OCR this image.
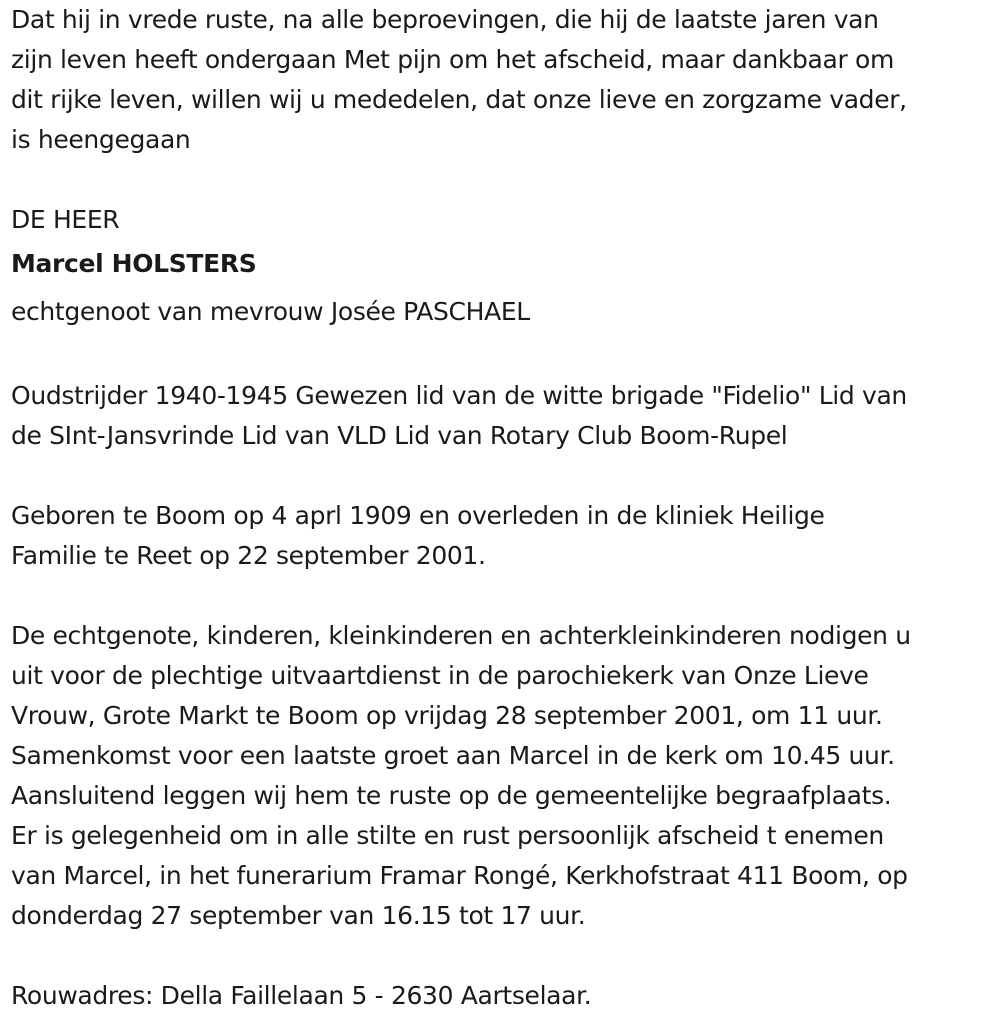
Dat hij in vrede ruste, na alle beproevingen, die hij de laatste jaren van
zijn leven heeft ondergaan Met pijn om het afscheid, maar dankbaar om
dit rijke leven, willen wij u mededelen, dat onze lieve en zorgzame vader,
is heengegaan
DE HEER
Marcel HOLSTERS
echtgenoot van mevrouw Josée PASCHAEL
Oudstrijder 1940-1945 Gewezen lid van de witte brigade "Fidelio" Lid van
de SInt-Jansvrinde Lid van VLD Lid van Rotary Club Boom-Rupel
Geboren te Boom op 4 aprl 1909 en overleden in de kliniek Heilige
Familie te Reet op 22 september 2001.
De echtgenote, kinderen, kleinkinderen en achterkleinkinderen nodigen u
uit voor de plechtige uitvaartdienst in de parochiekerk van Onze Lieve
Vrouw, Grote Markt te Boom op vrijdag 28 september 2001, om 11 uur.
Samenkomst voor een laatste groet aan Marcel in de kerk om 10.45 uur.
Aansluitend leggen wij hem te ruste op de gemeentelijke begraafplaats.
Er is gelegenheid om in alle stilte en rust persoonlijk afscheid t enemen
van Marcel, in het funerarium Framar Rongé, Kerkhofstraat 411 Boom, op
donderdag 27 september van 16.15 tot 17 uur.
Rouwadres: Della Faillelaan 5 - 2630 Aartselaar.
